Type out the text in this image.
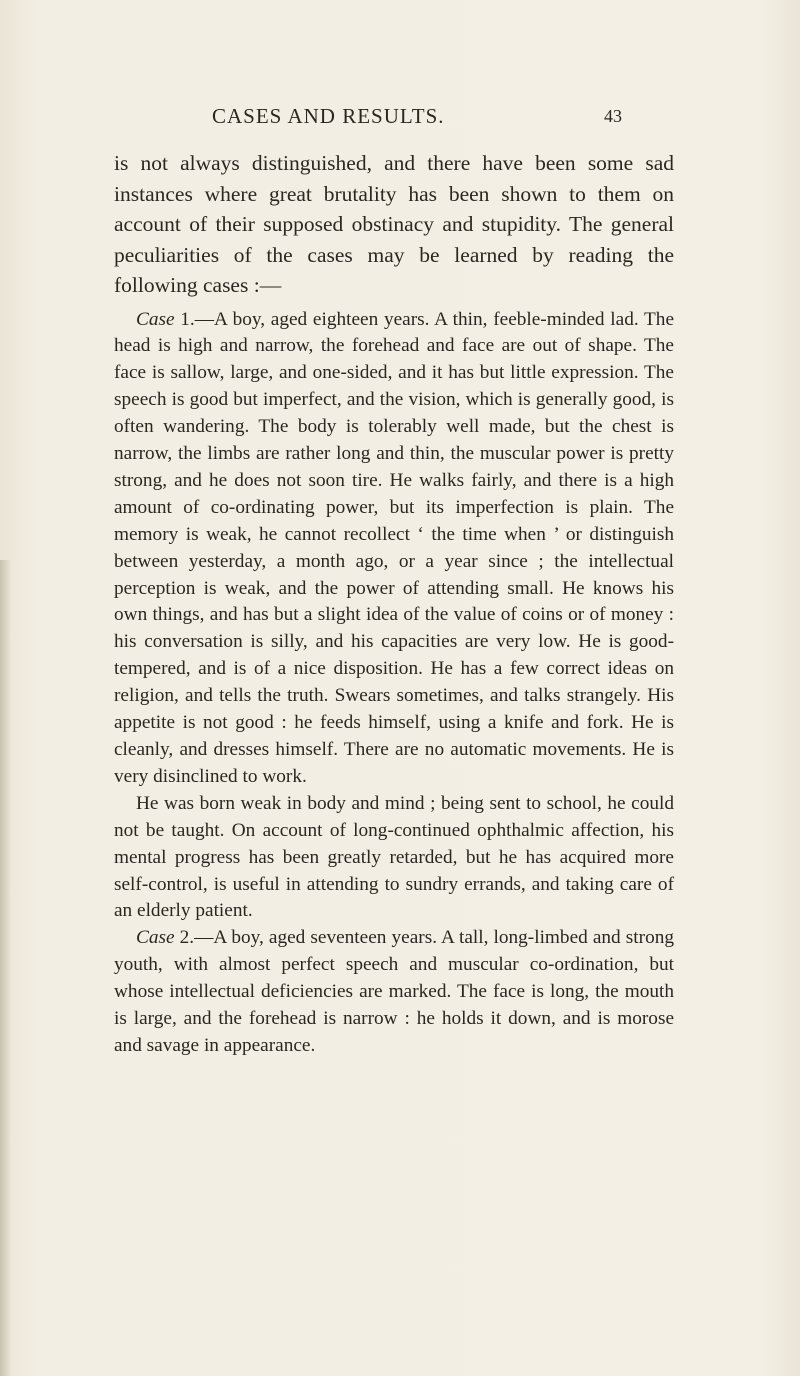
CASES AND RESULTS.	43

is not always distinguished, and there have been some sad instances where great brutality has been shown to them on account of their supposed obstinacy and stupidity. The general peculiarities of the cases may be learned by reading the following cases :—

Case 1.—A boy, aged eighteen years. A thin, feeble-minded lad. The head is high and narrow, the forehead and face are out of shape. The face is sallow, large, and one-sided, and it has but little expression. The speech is good but imperfect, and the vision, which is generally good, is often wandering. The body is tolerably well made, but the chest is narrow, the limbs are rather long and thin, the muscular power is pretty strong, and he does not soon tire. He walks fairly, and there is a high amount of co-ordinating power, but its imperfection is plain. The memory is weak, he cannot recollect ‘ the time when ’ or distinguish between yesterday, a month ago, or a year since ; the intellectual perception is weak, and the power of attending small. He knows his own things, and has but a slight idea of the value of coins or of money : his conversation is silly, and his capacities are very low. He is good-tempered, and is of a nice disposition. He has a few correct ideas on religion, and tells the truth. Swears sometimes, and talks strangely. His appetite is not good : he feeds himself, using a knife and fork. He is cleanly, and dresses himself. There are no automatic movements. He is very disinclined to work.

He was born weak in body and mind ; being sent to school, he could not be taught. On account of long-continued ophthalmic affection, his mental progress has been greatly retarded, but he has acquired more self-control, is useful in attending to sundry errands, and taking care of an elderly patient.

Case 2.—A boy, aged seventeen years. A tall, long-limbed and strong youth, with almost perfect speech and muscular co-ordination, but whose intellectual deficiencies are marked. The face is long, the mouth is large, and the forehead is narrow : he holds it down, and is morose and savage in appearance.
